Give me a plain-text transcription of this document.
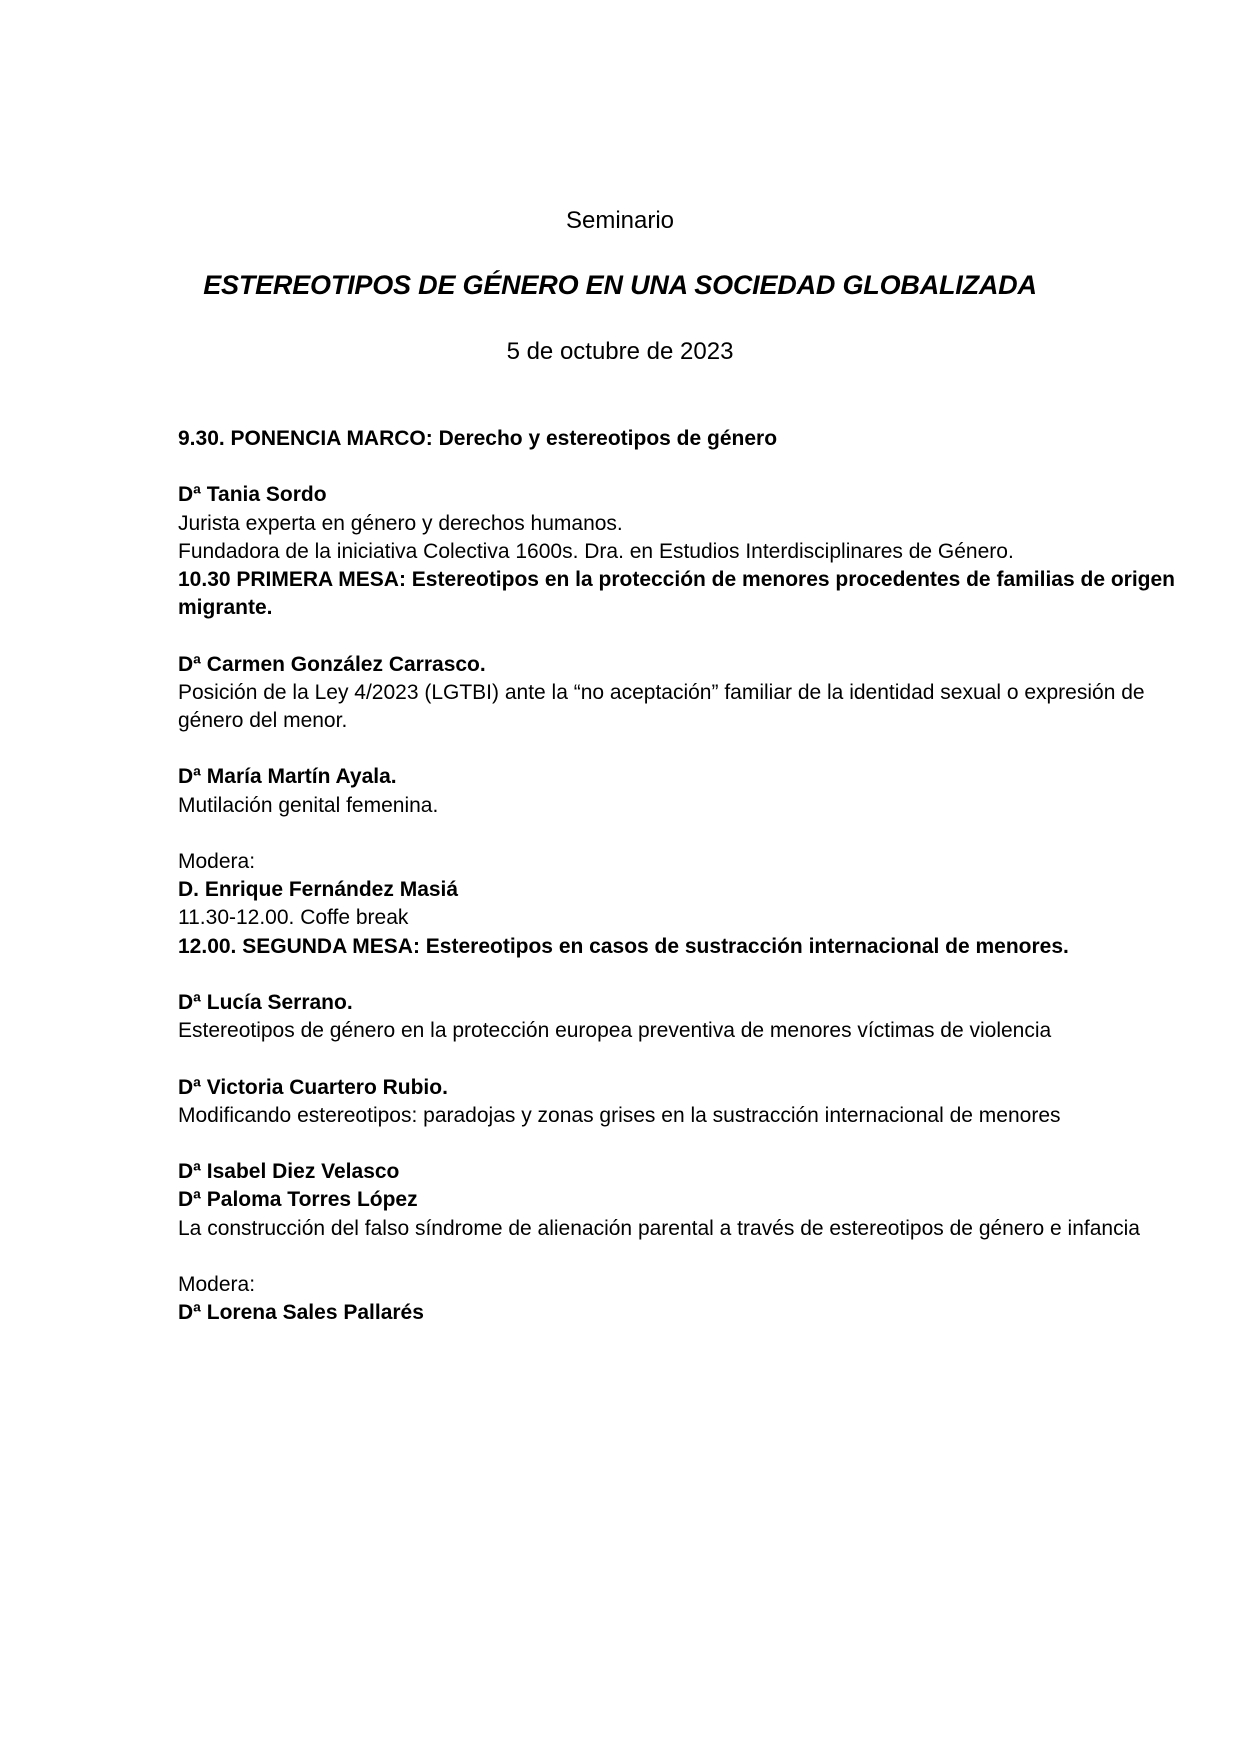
Seminario

ESTEREOTIPOS DE GÉNERO EN UNA SOCIEDAD GLOBALIZADA

5 de octubre de 2023

9.30. PONENCIA MARCO: Derecho y estereotipos de género

Dª Tania Sordo

Jurista experta en género y derechos humanos.

Fundadora de la iniciativa Colectiva 1600s. Dra. en Estudios Interdisciplinares de Género.

10.30 PRIMERA MESA: Estereotipos en la protección de menores procedentes de familias de origen migrante.

Dª Carmen González Carrasco.

Posición de la Ley 4/2023 (LGTBI) ante la “no aceptación” familiar de la identidad sexual o expresión de género del menor.

Dª María Martín Ayala.

Mutilación genital femenina.

Modera:

D. Enrique Fernández Masiá

11.30-12.00. Coffe break

12.00. SEGUNDA MESA: Estereotipos en casos de sustracción internacional de menores.

Dª Lucía Serrano.

Estereotipos de género en la protección europea preventiva de menores víctimas de violencia

Dª Victoria Cuartero Rubio.

Modificando estereotipos: paradojas y zonas grises en la sustracción internacional de menores

Dª Isabel Diez Velasco

Dª Paloma Torres López

La construcción del falso síndrome de alienación parental a través de estereotipos de género e infancia

Modera:

Dª Lorena Sales Pallarés
